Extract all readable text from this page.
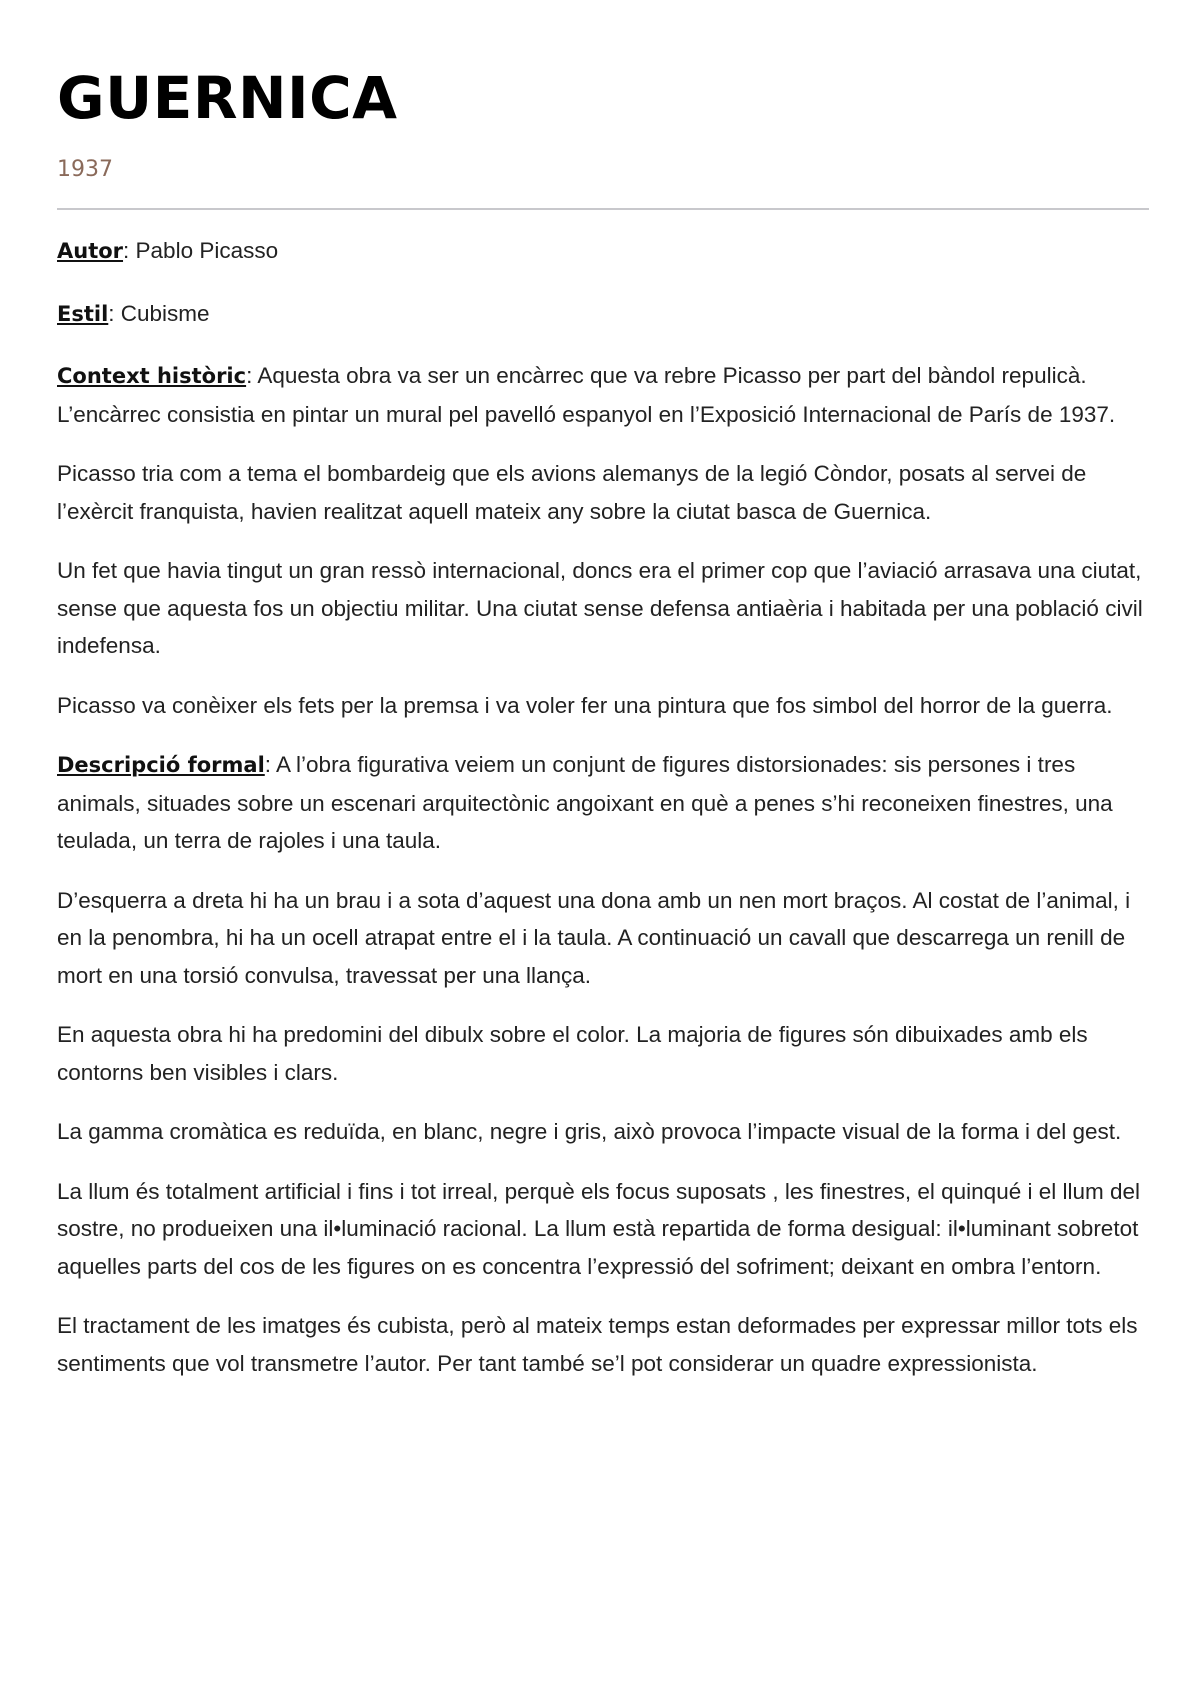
GUERNICA
1937

Autor: Pablo Picasso

Estil: Cubisme

Context històric: Aquesta obra va ser un encàrrec que va rebre Picasso per part del bàndol repulicà. L’encàrrec consistia en pintar un mural pel pavelló espanyol en l’Exposició Internacional de París de 1937.

Picasso tria com a tema el bombardeig que els avions alemanys de la legió Còndor, posats al servei de l’exèrcit franquista, havien realitzat aquell mateix any sobre la ciutat basca de Guernica.

Un fet que havia tingut un gran ressò internacional, doncs era el primer cop que l’aviació arrasava una ciutat, sense que aquesta fos un objectiu militar. Una ciutat sense defensa antiaèria i habitada per una població civil indefensa.

Picasso va conèixer els fets per la premsa i va voler fer una pintura que fos simbol del horror de la guerra.

Descripció formal: A l’obra figurativa veiem un conjunt de figures distorsionades: sis persones i tres animals, situades sobre un escenari arquitectònic angoixant en què a penes s’hi reconeixen finestres, una teulada, un terra de rajoles i una taula.

D’esquerra a dreta hi ha un brau i a sota d’aquest una dona amb un nen mort braços. Al costat de l’animal, i en la penombra, hi ha un ocell atrapat entre el i la taula. A continuació un cavall que descarrega un renill de mort en una torsió convulsa, travessat per una llança.

En aquesta obra hi ha predomini del dibulx sobre el color. La majoria de figures són dibuixades amb els contorns ben visibles i clars.

La gamma cromàtica es reduïda, en blanc, negre i gris, això provoca l’impacte visual de la forma i del gest.

La llum és totalment artificial i fins i tot irreal, perquè els focus suposats , les finestres, el quinqué i el llum del sostre, no produeixen una il•luminació racional. La llum està repartida de forma desigual: il•luminant sobretot aquelles parts del cos de les figures on es concentra l’expressió del sofriment; deixant en ombra l’entorn.

El tractament de les imatges és cubista, però al mateix temps estan deformades per expressar millor tots els sentiments que vol transmetre l’autor. Per tant també se’l pot considerar un quadre expressionista.
